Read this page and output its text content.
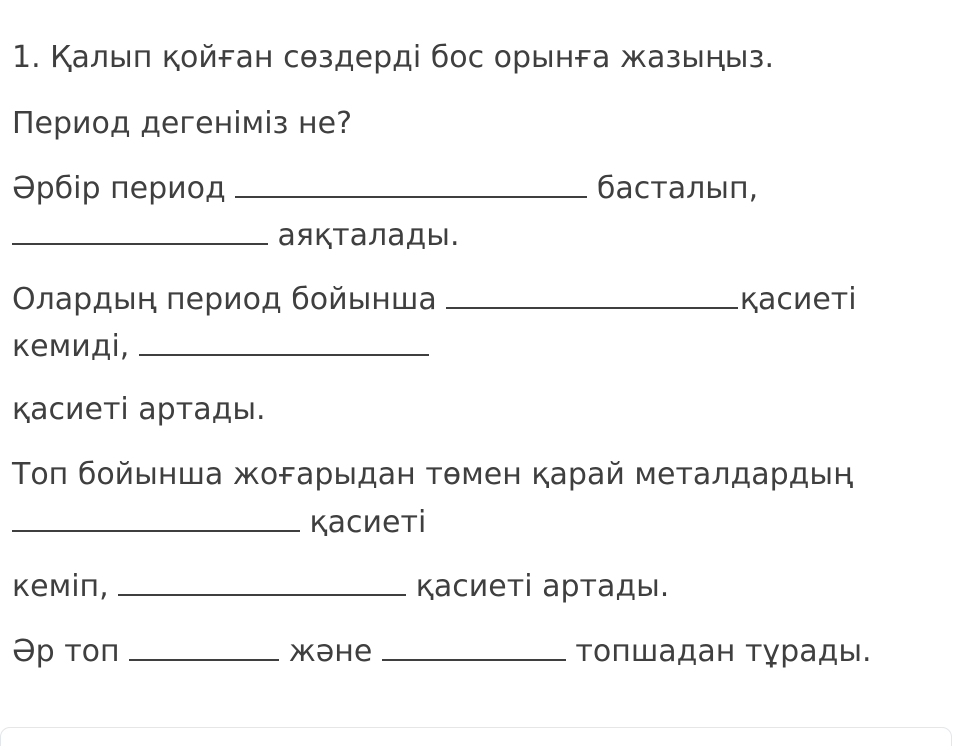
1. Қалып қойған сөздерді бос орынға жазыңыз.
Период дегеніміз не?
Әрбір период	басталып,
аяқталады.
Олардың период бойынша	қасиеті
кемиді,
қасиеті артады.
Топ бойынша жоғарыдан төмен қарай металдардың
қасиеті
кеміп,	қасиеті артады.
Әр топ	және	топшадан тұрады.
